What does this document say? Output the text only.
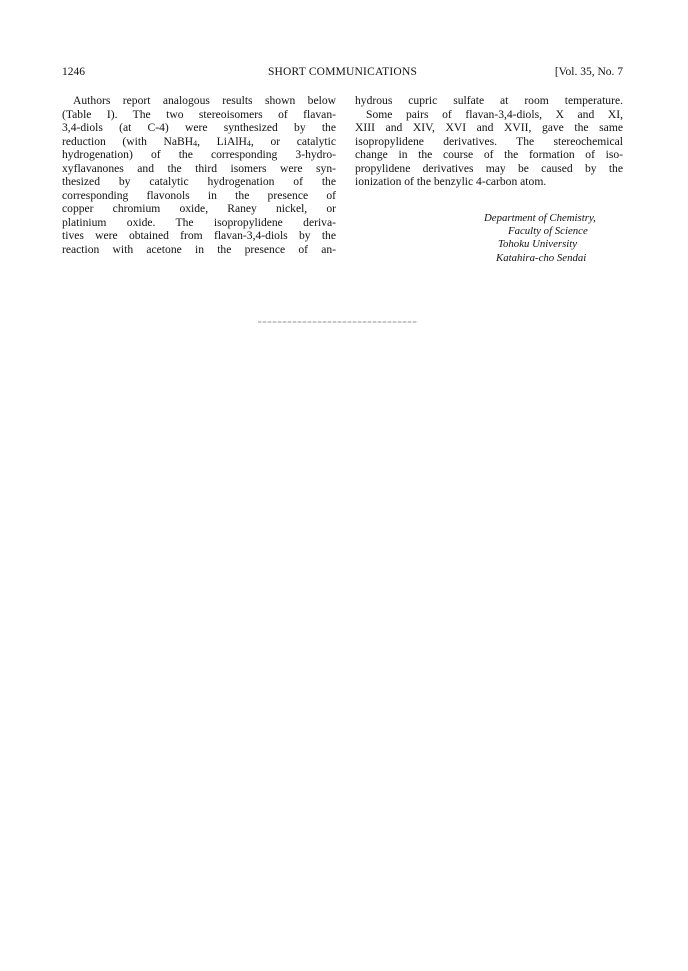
1246	SHORT COMMUNICATIONS	[Vol. 35, No. 7
Authors report analogous results shown below
(Table I). The two stereoisomers of flavan-
3,4-diols (at C-4) were synthesized by the
reduction (with NaBH$_4$, LiAlH$_4$, or catalytic
hydrogenation) of the corresponding 3-hydro-
xyflavanones and the third isomers were syn-
thesized by catalytic hydrogenation of the
corresponding flavonols in the presence of
copper chromium oxide, Raney nickel, or
platinium oxide. The isopropylidene deriva-
tives were obtained from flavan-3,4-diols by the
reaction with acetone in the presence of an-
hydrous cupric sulfate at room temperature.
Some pairs of flavan-3,4-diols, X and XI,
XIII and XIV, XVI and XVII, gave the same
isopropylidene derivatives. The stereochemical
change in the course of the formation of iso-
propylidene derivatives may be caused by the
ionization of the benzylic 4-carbon atom.
Department of Chemistry,
Faculty of Science
Tohoku University
Katahira-cho Sendai
